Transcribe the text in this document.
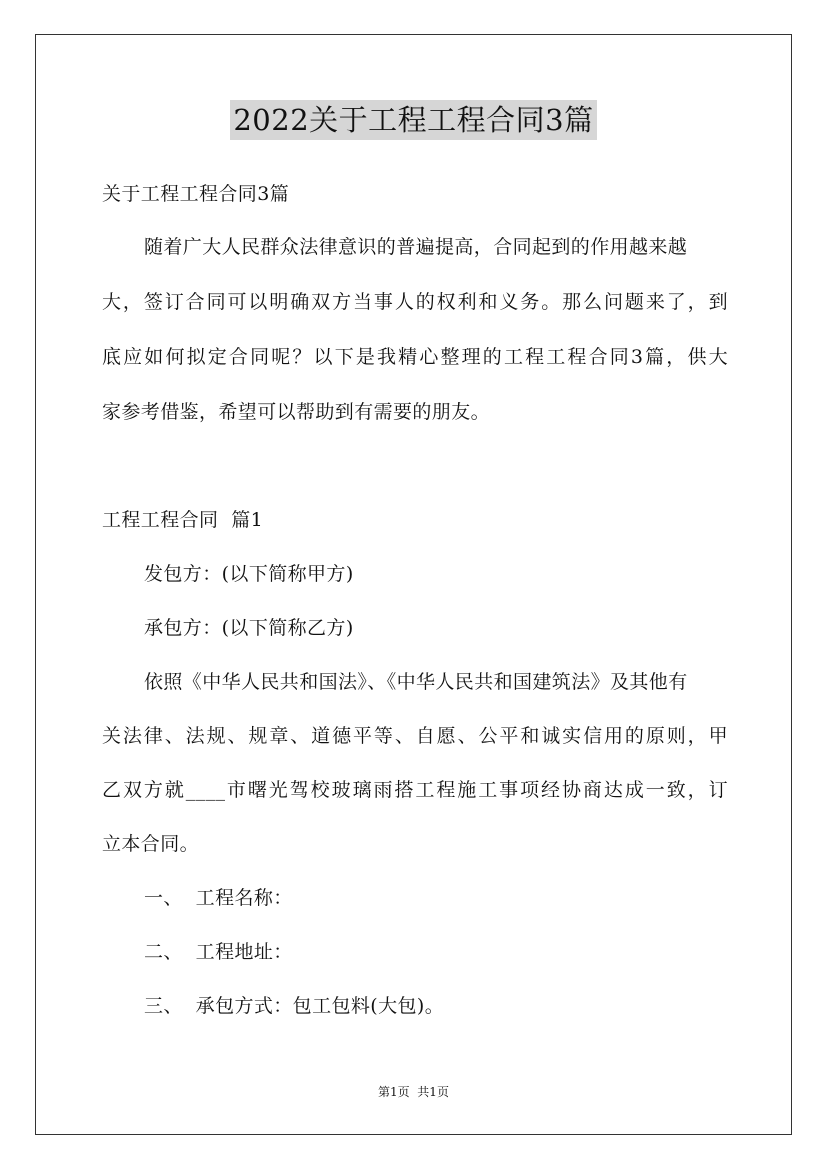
2022关于工程工程合同3篇
关于工程工程合同3篇
随着广大人民群众法律意识的普遍提高，合同起到的作用越来越
大，签订合同可以明确双方当事人的权利和义务。那么问题来了，到
底应如何拟定合同呢？以下是我精心整理的工程工程合同3篇，供大
家参考借鉴，希望可以帮助到有需要的朋友。
工程工程合同  篇1
发包方：(以下简称甲方)
承包方：(以下简称乙方)
依照《中华人民共和国法》、《中华人民共和国建筑法》及其他有
关法律、法规、规章、道德平等、自愿、公平和诚实信用的原则，甲
乙双方就____市曙光驾校玻璃雨搭工程施工事项经协商达成一致，订
立本合同。
一、  工程名称：
二、  工程地址：
三、  承包方式：包工包料(大包)。
第1页  共1页
